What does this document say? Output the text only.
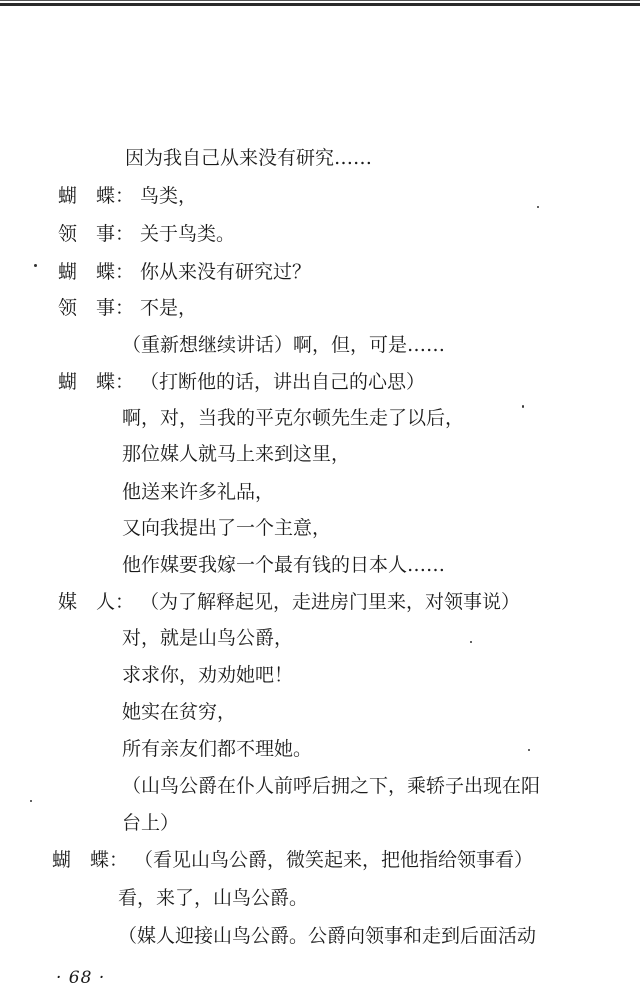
因为我自己从来没有研究……
蝴　蝶： 鸟类，
领　事： 关于鸟类。
蝴　蝶： 你从来没有研究过？
领　事： 不是，
（重新想继续讲话）啊，但，可是……
蝴　蝶： （打断他的话，讲出自己的心思）
啊，对，当我的平克尔顿先生走了以后，
那位媒人就马上来到这里，
他送来许多礼品，
又向我提出了一个主意，
他作媒要我嫁一个最有钱的日本人……
媒　人： （为了解释起见，走进房门里来，对领事说）
对，就是山鸟公爵，
求求你，劝劝她吧！
她实在贫穷，
所有亲友们都不理她。
（山鸟公爵在仆人前呼后拥之下，乘轿子出现在阳
台上）
蝴　蝶： （看见山鸟公爵，微笑起来，把他指给领事看）
看，来了，山鸟公爵。
（媒人迎接山鸟公爵。公爵向领事和走到后面活动
· 68 ·
